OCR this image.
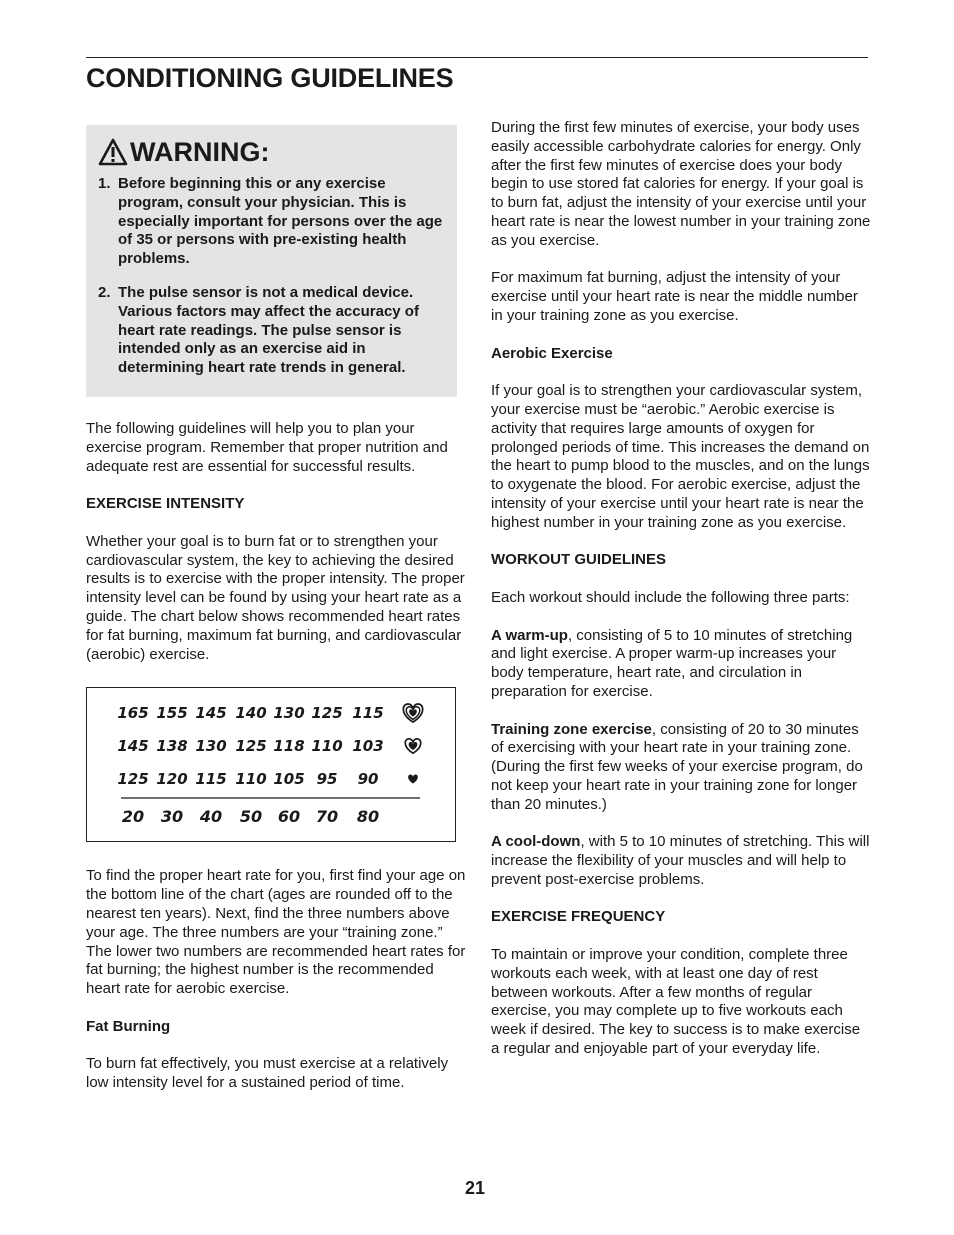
CONDITIONING GUIDELINES
WARNING:
1. Before beginning this or any exercise program, consult your physician. This is especially important for persons over the age of 35 or persons with pre-existing health problems.
2. The pulse sensor is not a medical device. Various factors may affect the accuracy of heart rate readings. The pulse sensor is intended only as an exercise aid in determining heart rate trends in general.

The following guidelines will help you to plan your exercise program. Remember that proper nutrition and adequate rest are essential for successful results.

EXERCISE INTENSITY

Whether your goal is to burn fat or to strengthen your cardiovascular system, the key to achieving the desired results is to exercise with the proper intensity. The proper intensity level can be found by using your heart rate as a guide. The chart below shows recommended heart rates for fat burning, maximum fat burning, and cardiovascular (aerobic) exercise.

165 155 145 140 130 125 115
145 138 130 125 118 110 103
125 120 115 110 105 95 90
20 30 40 50 60 70 80

To find the proper heart rate for you, first find your age on the bottom line of the chart (ages are rounded off to the nearest ten years). Next, find the three numbers above your age. The three numbers are your “training zone.” The lower two numbers are recommended heart rates for fat burning; the highest number is the recommended heart rate for aerobic exercise.

Fat Burning

To burn fat effectively, you must exercise at a relatively low intensity level for a sustained period of time.

During the first few minutes of exercise, your body uses easily accessible carbohydrate calories for energy. Only after the first few minutes of exercise does your body begin to use stored fat calories for energy. If your goal is to burn fat, adjust the intensity of your exercise until your heart rate is near the lowest number in your training zone as you exercise.

For maximum fat burning, adjust the intensity of your exercise until your heart rate is near the middle number in your training zone as you exercise.

Aerobic Exercise

If your goal is to strengthen your cardiovascular system, your exercise must be “aerobic.” Aerobic exercise is activity that requires large amounts of oxygen for prolonged periods of time. This increases the demand on the heart to pump blood to the muscles, and on the lungs to oxygenate the blood. For aerobic exercise, adjust the intensity of your exercise until your heart rate is near the highest number in your training zone as you exercise.

WORKOUT GUIDELINES

Each workout should include the following three parts:

A warm-up, consisting of 5 to 10 minutes of stretching and light exercise. A proper warm-up increases your body temperature, heart rate, and circulation in preparation for exercise.

Training zone exercise, consisting of 20 to 30 minutes of exercising with your heart rate in your training zone. (During the first few weeks of your exercise program, do not keep your heart rate in your training zone for longer than 20 minutes.)

A cool-down, with 5 to 10 minutes of stretching. This will increase the flexibility of your muscles and will help to prevent post-exercise problems.

EXERCISE FREQUENCY

To maintain or improve your condition, complete three workouts each week, with at least one day of rest between workouts. After a few months of regular exercise, you may complete up to five workouts each week if desired. The key to success is to make exercise a regular and enjoyable part of your everyday life.

21
